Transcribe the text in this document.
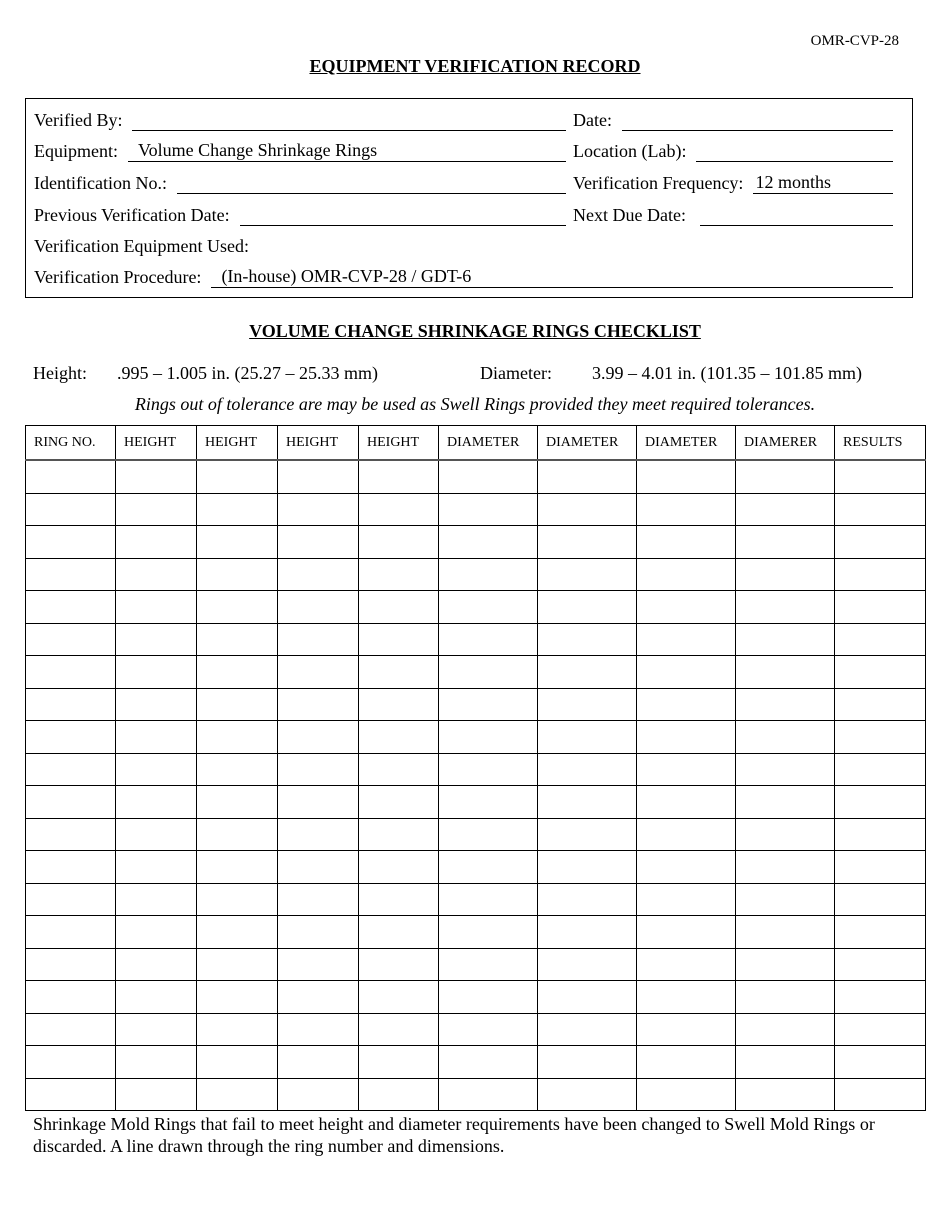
OMR-CVP-28
EQUIPMENT VERIFICATION RECORD
Verified By:	Date:
Equipment:	Volume Change Shrinkage Rings	Location (Lab):
Identification No.:	Verification Frequency: 12 months
Previous Verification Date:	Next Due Date:
Verification Equipment Used:
Verification Procedure:	(In-house) OMR-CVP-28 / GDT-6
VOLUME CHANGE SHRINKAGE RINGS CHECKLIST
Height: .995 – 1.005 in. (25.27 – 25.33 mm)	Diameter: 3.99 – 4.01 in. (101.35 – 101.85 mm)
Rings out of tolerance are may be used as Swell Rings provided they meet required tolerances.
RING NO.	HEIGHT	HEIGHT	HEIGHT	HEIGHT	DIAMETER	DIAMETER	DIAMETER	DIAMERER	RESULTS

Shrinkage Mold Rings that fail to meet height and diameter requirements have been changed to Swell Mold Rings or discarded. A line drawn through the ring number and dimensions.
